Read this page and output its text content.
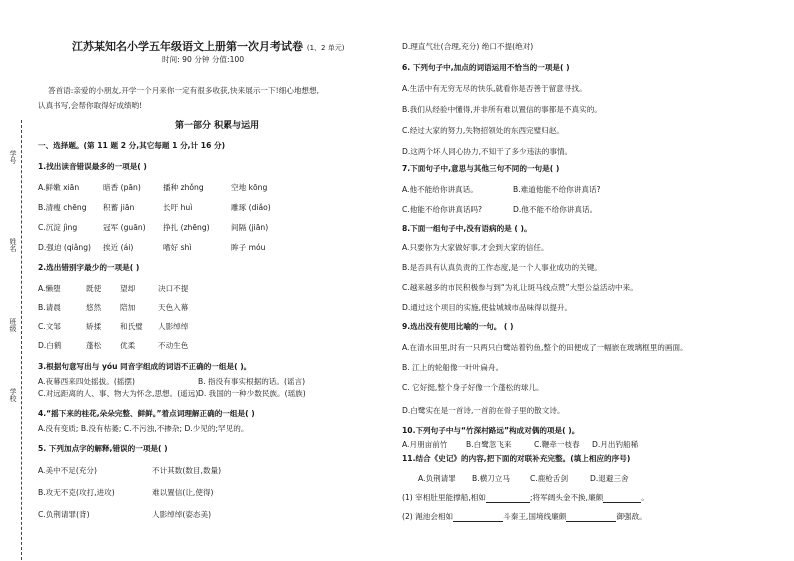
学号
姓名
班级
学校
江苏某知名小学五年级语文上册第一次月考试卷 (1、2 单元)
时间: 90 分钟 分值:100
答首语:亲爱的小朋友,开学一个月来你一定有很多收获,快来展示一下!细心地想想,
认真书写,会帮你取得好成绩哟!
第一部分 积累与运用
一、选择题。(第 11 题 2 分,其它每题 1 分,计 16 分)
1.找出读音错误最多的一项是( )
A.鲜嫩 xiān	暗香 (pān)	播种 zhǒng	空地 kōng
B.清瘦 chēng 积蓄 jiān	长吁 huì	雕琢 (diǎo)
C.沉淀 jìng	冠军 (guān) 挣扎 (zhēng)	间隔 (jiān)
D.强迫 (qiǎng) 挨近 (ái)	嗜好 shì	眸子 móu
2.选出错别字最少的一项是( )
A.懒堕	既使 望却	决口不提
B.请晨	悠然 陪加	天色入幕
C.文邹	矫揉 和氏璧 人影绰绰
D.白鹤	蓬松 优柔	不动生色
3.根据句意写出与 yóu 同音字组成的词语不正确的一组是( )。
A.夜幕西来四处摇拔。(摇摆)	B. 指没有事实根据的话。(谣言)
C.对远距离的人、事、物大为怀念,思想。(遥远) D. 我国的一种少数民族。(瑶族)
4.“摇下来的桂花,朵朵完整、鲜鲜。”着点词理解正确的一组是( )
A.没有变质; B.没有枯萎; C.不污浊,不掺杂; D.少见的;罕见的。
5. 下列加点字的解释,错误的一项是( )
A.美中不足(充分)	不计其数(数目,数量)
B.攻无不克(攻打,进攻)	难以置信(让,使得)
C.负荆请罪(背)	人影绰绰(姿态美)
D.理直气壮(合理,充分) 绝口不提(绝对)
6. 下列句子中,加点的词语运用不恰当的一项是( )
A.生活中有无穷无尽的快乐,就看你是否善于留意寻找。
B.我们从经验中懂得,并非所有难以置信的事都是不真实的。
C.经过大家的努力,失物招领处的东西完璧归赵。
D.这两个坏人同心协力,不知干了多少违法的事情。
7.下面句子中,意思与其他三句不同的一句是( )
A.他不能给你讲真话。	B.难道他能不给你讲真话?
C.他能不给你讲真话吗?	D.他不能不给你讲真话。
8.下面一组句子中,没有语病的是 ( )。
A.只要你为大家做好事,才会到大家的信任。
B.是否具有认真负责的工作态度,是一个人事业成功的关键。
C.越来越多的市民积极参与到“为礼让斑马线点赞”大型公益活动中来。
D.通过这个项目的实施,使盐城城市品味得以提升。
9.选出没有使用比喻的一句。 ( )
A.在清水田里,时有一只两只白鹭站着钓鱼,整个的田便成了一幅嵌在玻璃框里的画面。
B. 江上的轮船像一叶叶扁舟。
C. 它好挺,整个身子好像一个蓬松的球儿。
D.白鹭实在是一首诗,一首韵在骨子里的散文诗。
10.下列句子中与“竹深村路远”构成对偶的项是( )。
A.月朋亩前竹 B.白鹭忽飞来	C.鞭牵一枝春 D.月出钓船稀
11.结合《史记》的内容,把下面的对联补充完整。(填上相应的序号)
A.负荆请罪 B.横刀立马	C.鹿枪舌剑	D.退避三舍
(1) 宰相肚里能撑船,相如	;将军阔头金不换,廉颇	。
(2) 渑池会相如	斗秦王,国境线廉颇	御强敌。
